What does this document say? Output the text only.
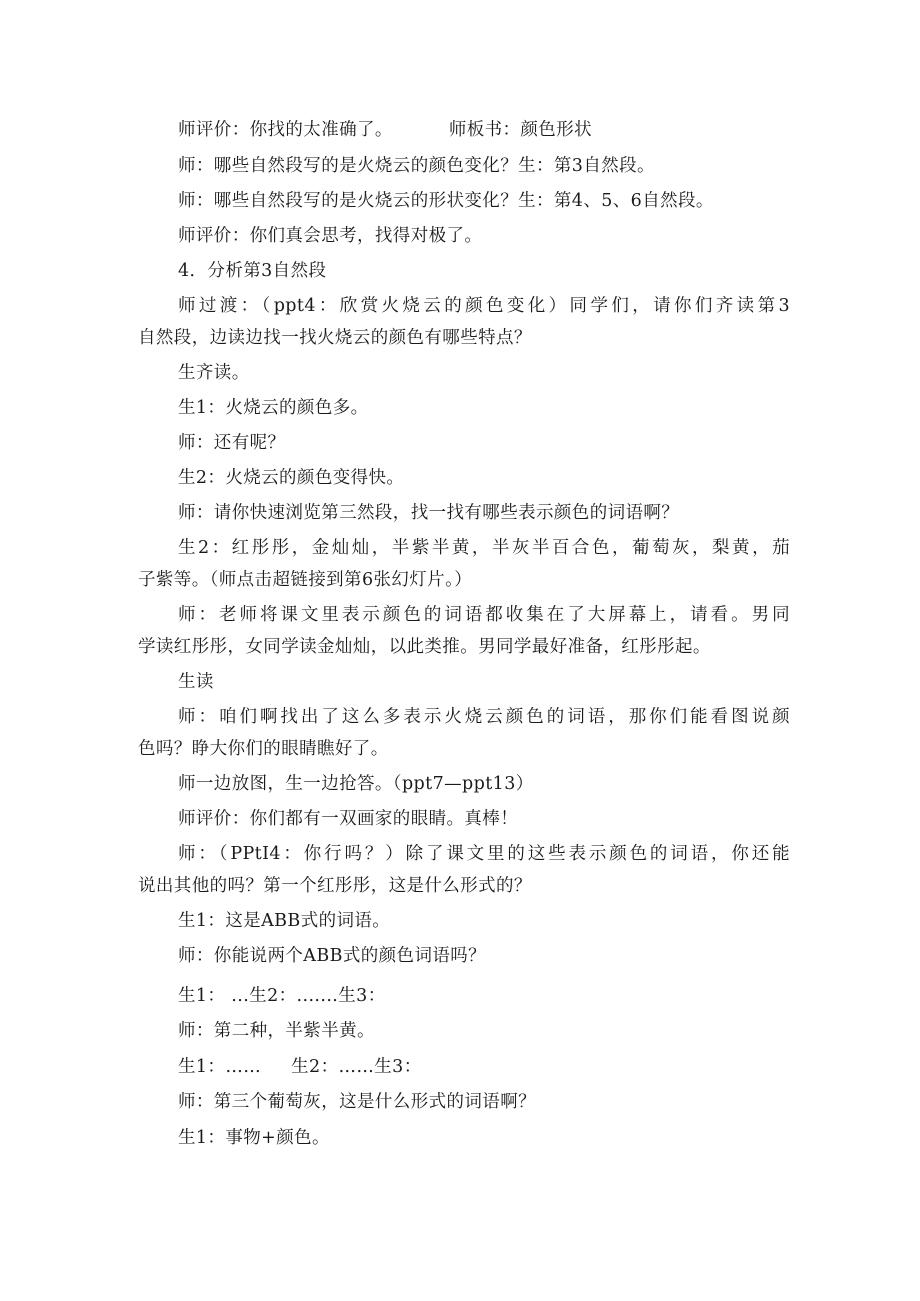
师评价：你找的太准确了。	师板书：颜色形状
师：哪些自然段写的是火烧云的颜色变化？生：第3自然段。
师：哪些自然段写的是火烧云的形状变化？生：第4、5、6自然段。
师评价：你们真会思考，找得对极了。
4．分析第3自然段
师过渡：（ppt4：欣赏火烧云的颜色变化）同学们，请你们齐读第3
自然段，边读边找一找火烧云的颜色有哪些特点？
生齐读。
生1：火烧云的颜色多。
师：还有呢？
生2：火烧云的颜色变得快。
师：请你快速浏览第三然段，找一找有哪些表示颜色的词语啊？
生2：红彤彤，金灿灿，半紫半黄，半灰半百合色，葡萄灰，梨黄，茄
子紫等。（师点击超链接到第6张幻灯片。）
师：老师将课文里表示颜色的词语都收集在了大屏幕上，请看。男同
学读红彤彤，女同学读金灿灿，以此类推。男同学最好准备，红彤彤起。
生读
师：咱们啊找出了这么多表示火烧云颜色的词语，那你们能看图说颜
色吗？睁大你们的眼睛瞧好了。
师一边放图，生一边抢答。（ppt7—ppt13）
师评价：你们都有一双画家的眼睛。真棒！
师：（PPtI4：你行吗？）除了课文里的这些表示颜色的词语，你还能
说出其他的吗？第一个红彤彤，这是什么形式的？
生1：这是ABB式的词语。
师：你能说两个ABB式的颜色词语吗？
生1： ...生2：.......生3：
师：第二种，半紫半黄。
生1：…… 生2：……生3：
师：第三个葡萄灰，这是什么形式的词语啊？
生1：事物+颜色。
